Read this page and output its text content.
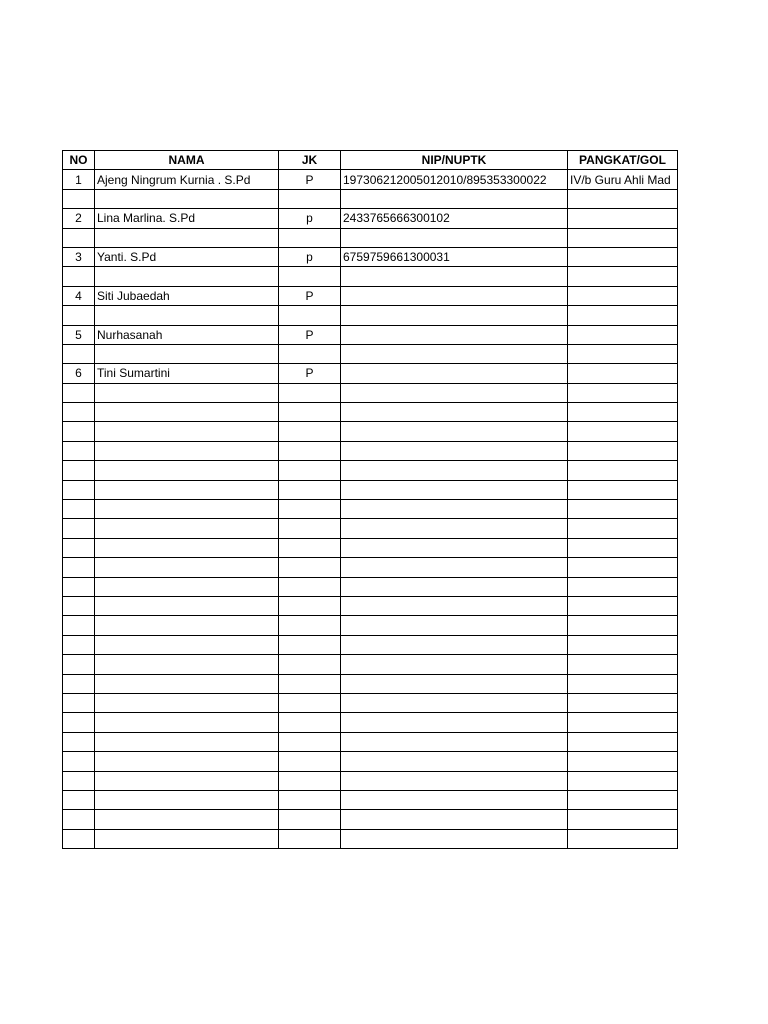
NO	NAMA	JK	NIP/NUPTK	PANGKAT/GOL
1	Ajeng Ningrum Kurnia . S.Pd	P	197306212005012010/895353300022	IV/b Guru Ahli Mad

2	Lina Marlina. S.Pd	p	2433765666300102	

3	Yanti. S.Pd	p	6759759661300031	

4	Siti Jubaedah	P		

5	Nurhasanah	P		

6	Tini Sumartini	P		
